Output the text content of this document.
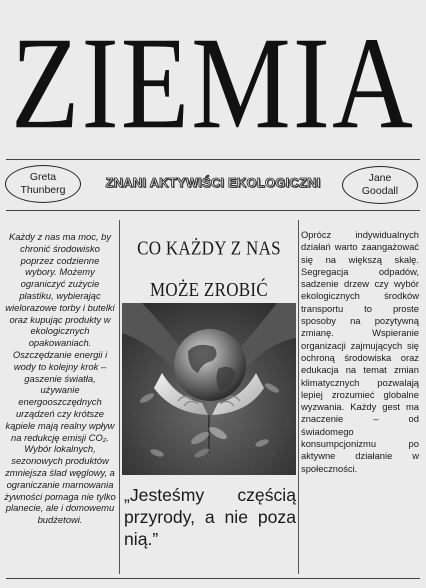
ZIEMIA
Greta
Thunberg	ZNANI AKTYWIŚCI EKOLOGICZNI	Jane
Goodall
Każdy z nas ma moc, by chronić środowisko poprzez codzienne wybory. Możemy ograniczyć zużycie plastiku, wybierając wielorazowe torby i butelki oraz kupując produkty w ekologicznych opakowaniach. Oszczędzanie energii i wody to kolejny krok – gaszenie światła, używanie energooszczędnych urządzeń czy krótsze kąpiele mają realny wpływ na redukcję emisji CO₂. Wybór lokalnych, sezonowych produktów zmniejsza ślad węglowy, a ograniczanie marnowania żywności pomaga nie tylko planecie, ale i domowemu budżetowi.
CO KAŻDY Z NAS MOŻE ZROBIĆ
„Jesteśmy częścią przyrody, a nie poza nią.”
Oprócz indywidualnych działań warto zaangażować się na większą skalę. Segregacja odpadów, sadzenie drzew czy wybór ekologicznych środków transportu to proste sposoby na pozytywną zmianę. Wspieranie organizacji zajmujących się ochroną środowiska oraz edukacja na temat zmian klimatycznych pozwalają lepiej zrozumieć globalne wyzwania. Każdy gest ma znaczenie – od świadomego konsumpcjonizmu po aktywne działanie w społeczności.
